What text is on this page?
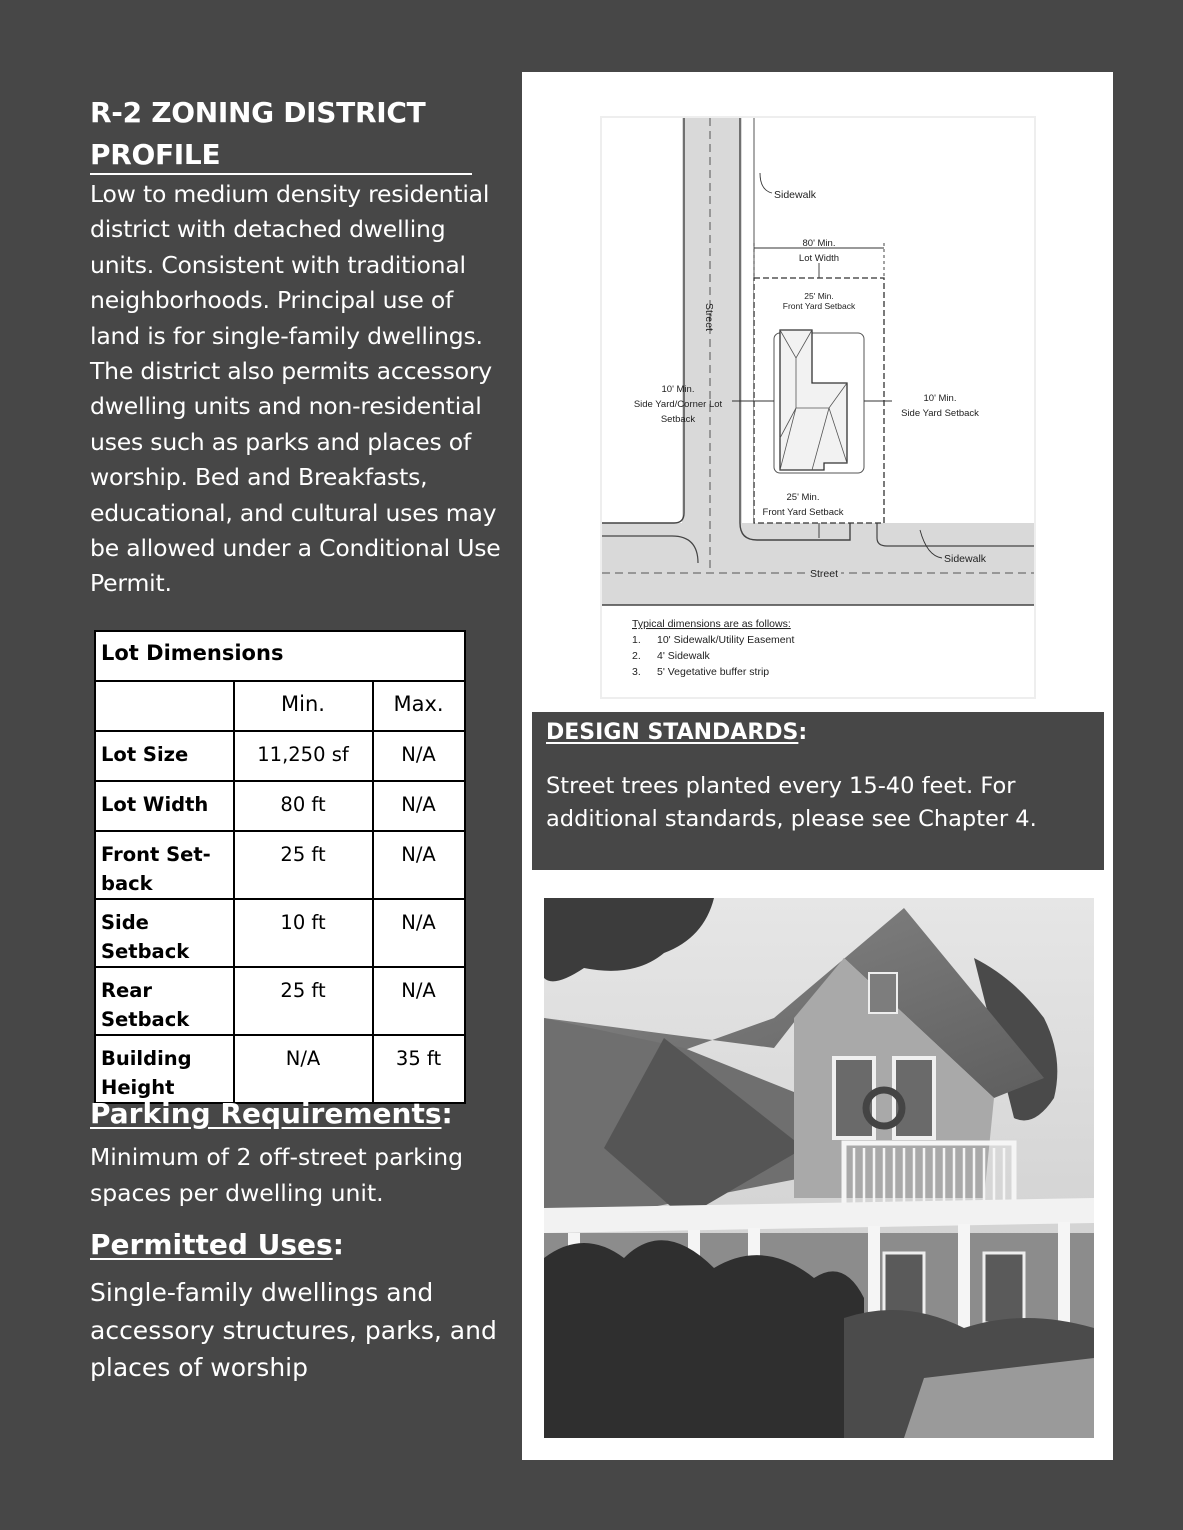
R-2 ZONING DISTRICT
PROFILE

Low to medium density residential district with detached dwelling units. Consistent with traditional neighborhoods. Principal use of land is for single-family dwellings. The district also permits accessory dwelling units and non-residential uses such as parks and places of worship. Bed and Breakfasts, educational, and cultural uses may be allowed under a Conditional Use Permit.

Lot Dimensions		
	Min.	Max.
Lot Size	11,250 sf	N/A
Lot Width	80 ft	N/A
Front Set-back	25 ft	N/A
Side Setback	10 ft	N/A
Rear Setback	25 ft	N/A
Building Height	N/A	35 ft
Parking Requirements:

Minimum of 2 off-street parking spaces per dwelling unit.

Permitted Uses:

Single-family dwellings and accessory structures, parks, and places of worship

Sidewalk
80' Min.
Lot Width
Street
25' Min.
Front Yard Setback
10' Min.
Side Yard/Corner Lot
Setback
10' Min.
Side Yard Setback
25' Min.
Front Yard Setback
Sidewalk
Street
Typical dimensions are as follows:
1. 10' Sidewalk/Utility Easement
2. 4' Sidewalk
3. 5' Vegetative buffer strip
DESIGN STANDARDS:

Street trees planted every 15-40 feet. For additional standards, please see Chapter 4.
